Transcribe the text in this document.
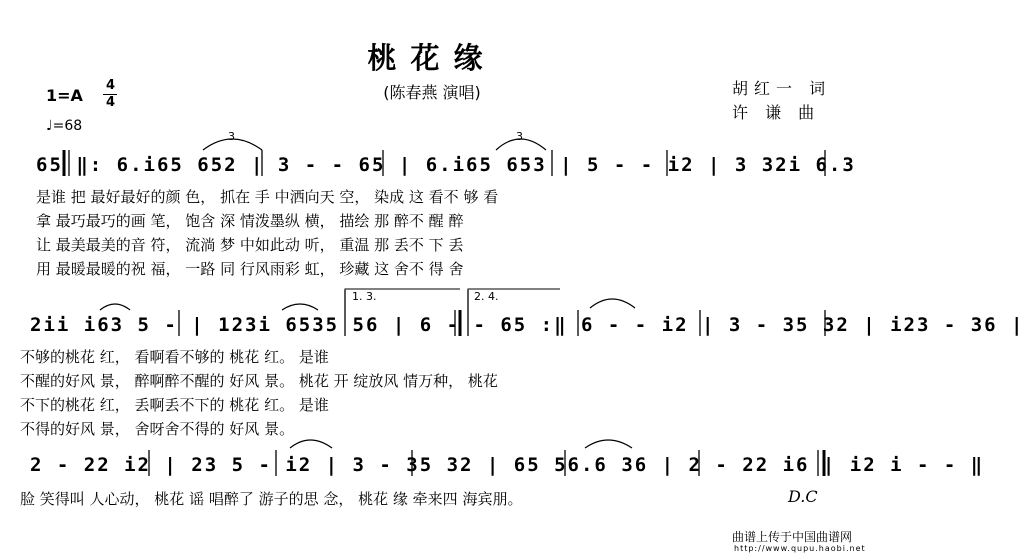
桃花缘
(陈春燕 演唱)
1=A
4
4
♩=68
胡红一 词
许 谦 曲
3	3
65 ‖: 6.i65 652 | 3 - - 65 | 6.i65 653 | 5 - - i2 | 3 32i 6.3
是谁 把 最好最好的颜 色， 抓在 手 中洒向天 空， 染成 这 看不 够 看
拿 最巧最巧的画 笔， 饱含 深 情泼墨纵 横， 描绘 那 醉不 醒 醉
让 最美最美的音 符， 流淌 梦 中如此动 听， 重温 那 丢不 下 丢
用 最暖最暖的祝 福， 一路 同 行风雨彩 虹， 珍藏 这 舍不 得 舍
1. 3.	2. 4.
2ii i63 5 - | 123i 6535 56 | 6 - - 65 :‖ 6 - - i2 | 3 - 35 32 | i23 - 36 |
不够的桃花 红， 看啊看不够的 桃花 红。 是谁
不醒的好风 景， 醉啊醉不醒的 好风 景。 桃花 开 绽放风 情万种， 桃花
不下的桃花 红， 丢啊丢不下的 桃花 红。 是谁
不得的好风 景， 舍呀舍不得的 好风 景。
2 - 22 i2 | 23 5 - i2 | 3 - 35 32 | 65 56.6 36 | 2 - 22 i6 | i2 i - - ‖
脸 笑得叫 人心动， 桃花 谣 唱醉了 游子的思 念， 桃花 缘 牵来四 海宾朋。	D.C
曲谱上传于中国曲谱网
http://www.qupu.haobi.net
